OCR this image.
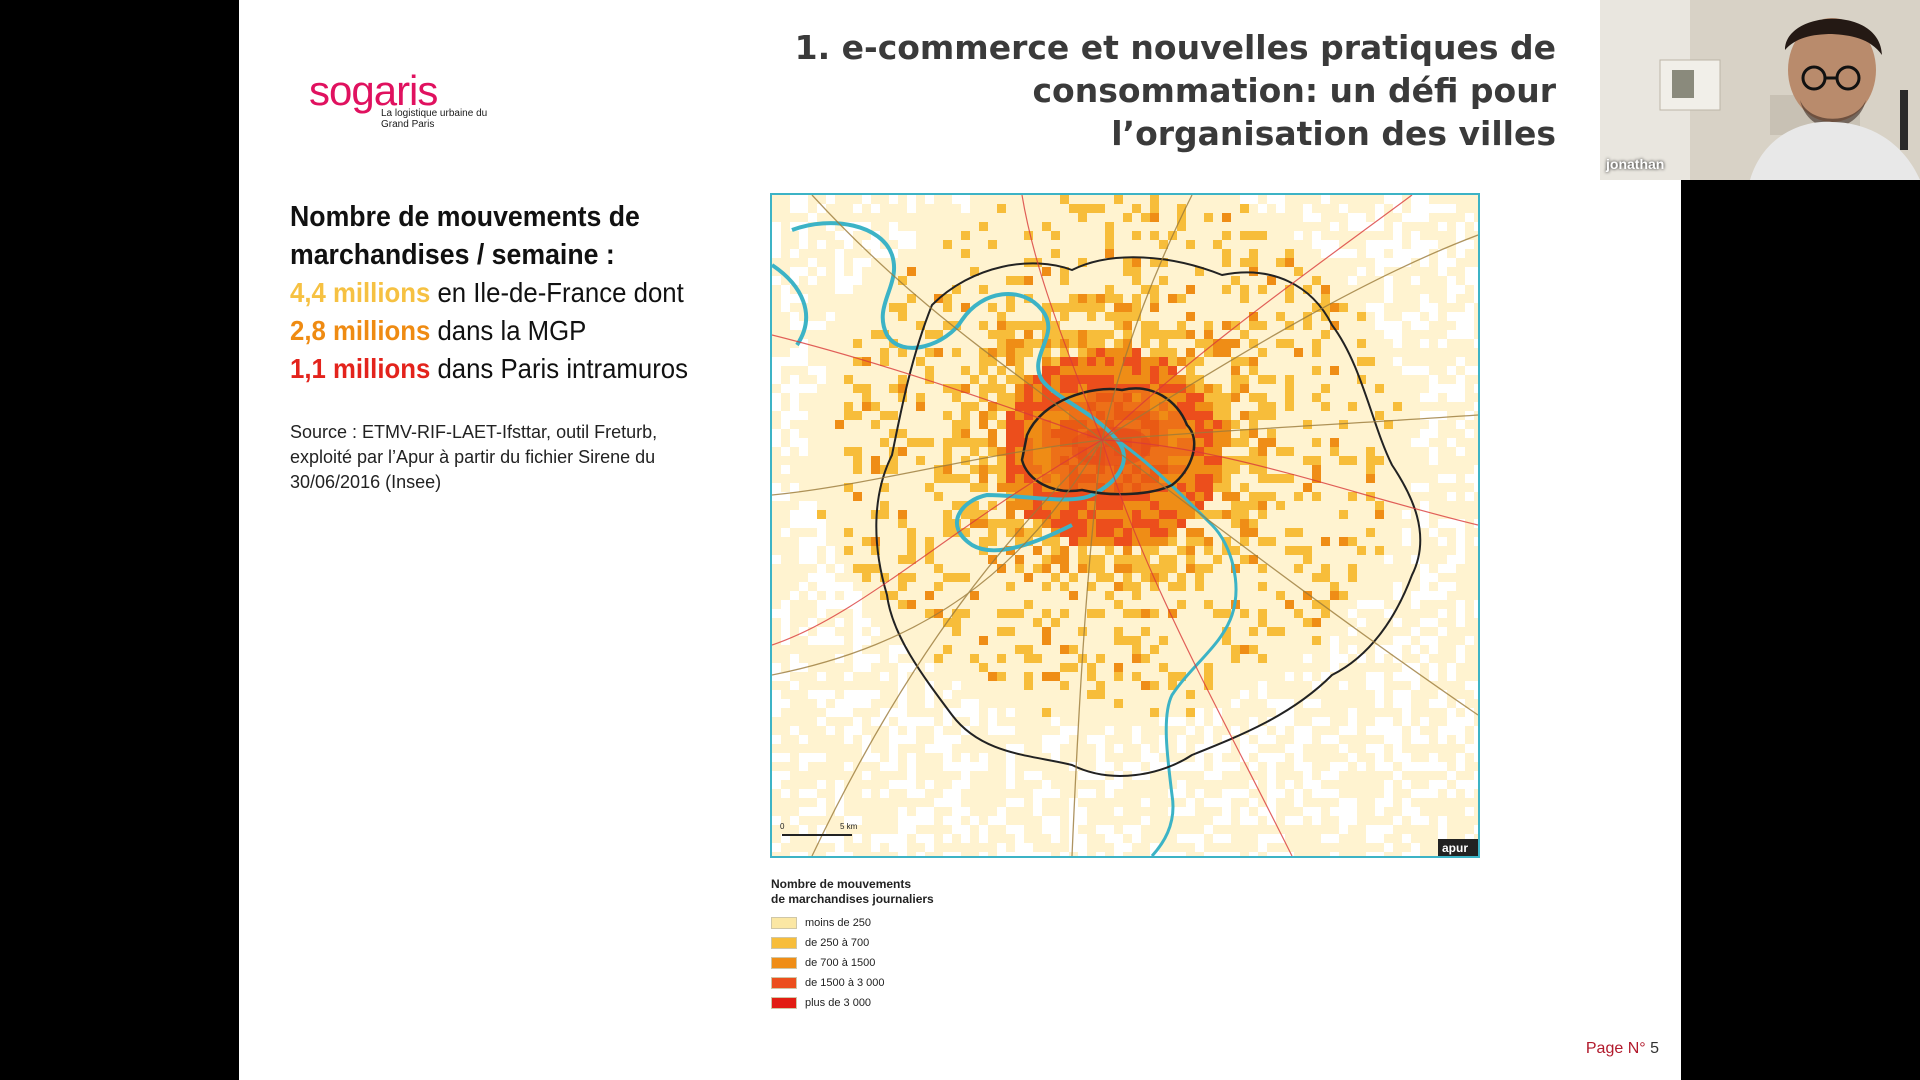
sogaris
La logistique urbaine du Grand Paris
1. e-commerce et nouvelles pratiques de consommation: un défi pour l’organisation des villes
Nombre de mouvements de
marchandises / semaine :
4,4 millions en Ile-de-France dont
2,8 millions dans la MGP
1,1 millions dans Paris intramuros
Source : ETMV-RIF-LAET-Ifsttar, outil Freturb, exploité par l’Apur à partir du fichier Sirene du 30/06/2016 (Insee)
0	5 km
apur
Nombre de mouvements
de marchandises journaliers
moins de 250
de 250 à 700
de 700 à 1500
de 1500 à 3 000
plus de 3 000
Page N° 5
jonathan
